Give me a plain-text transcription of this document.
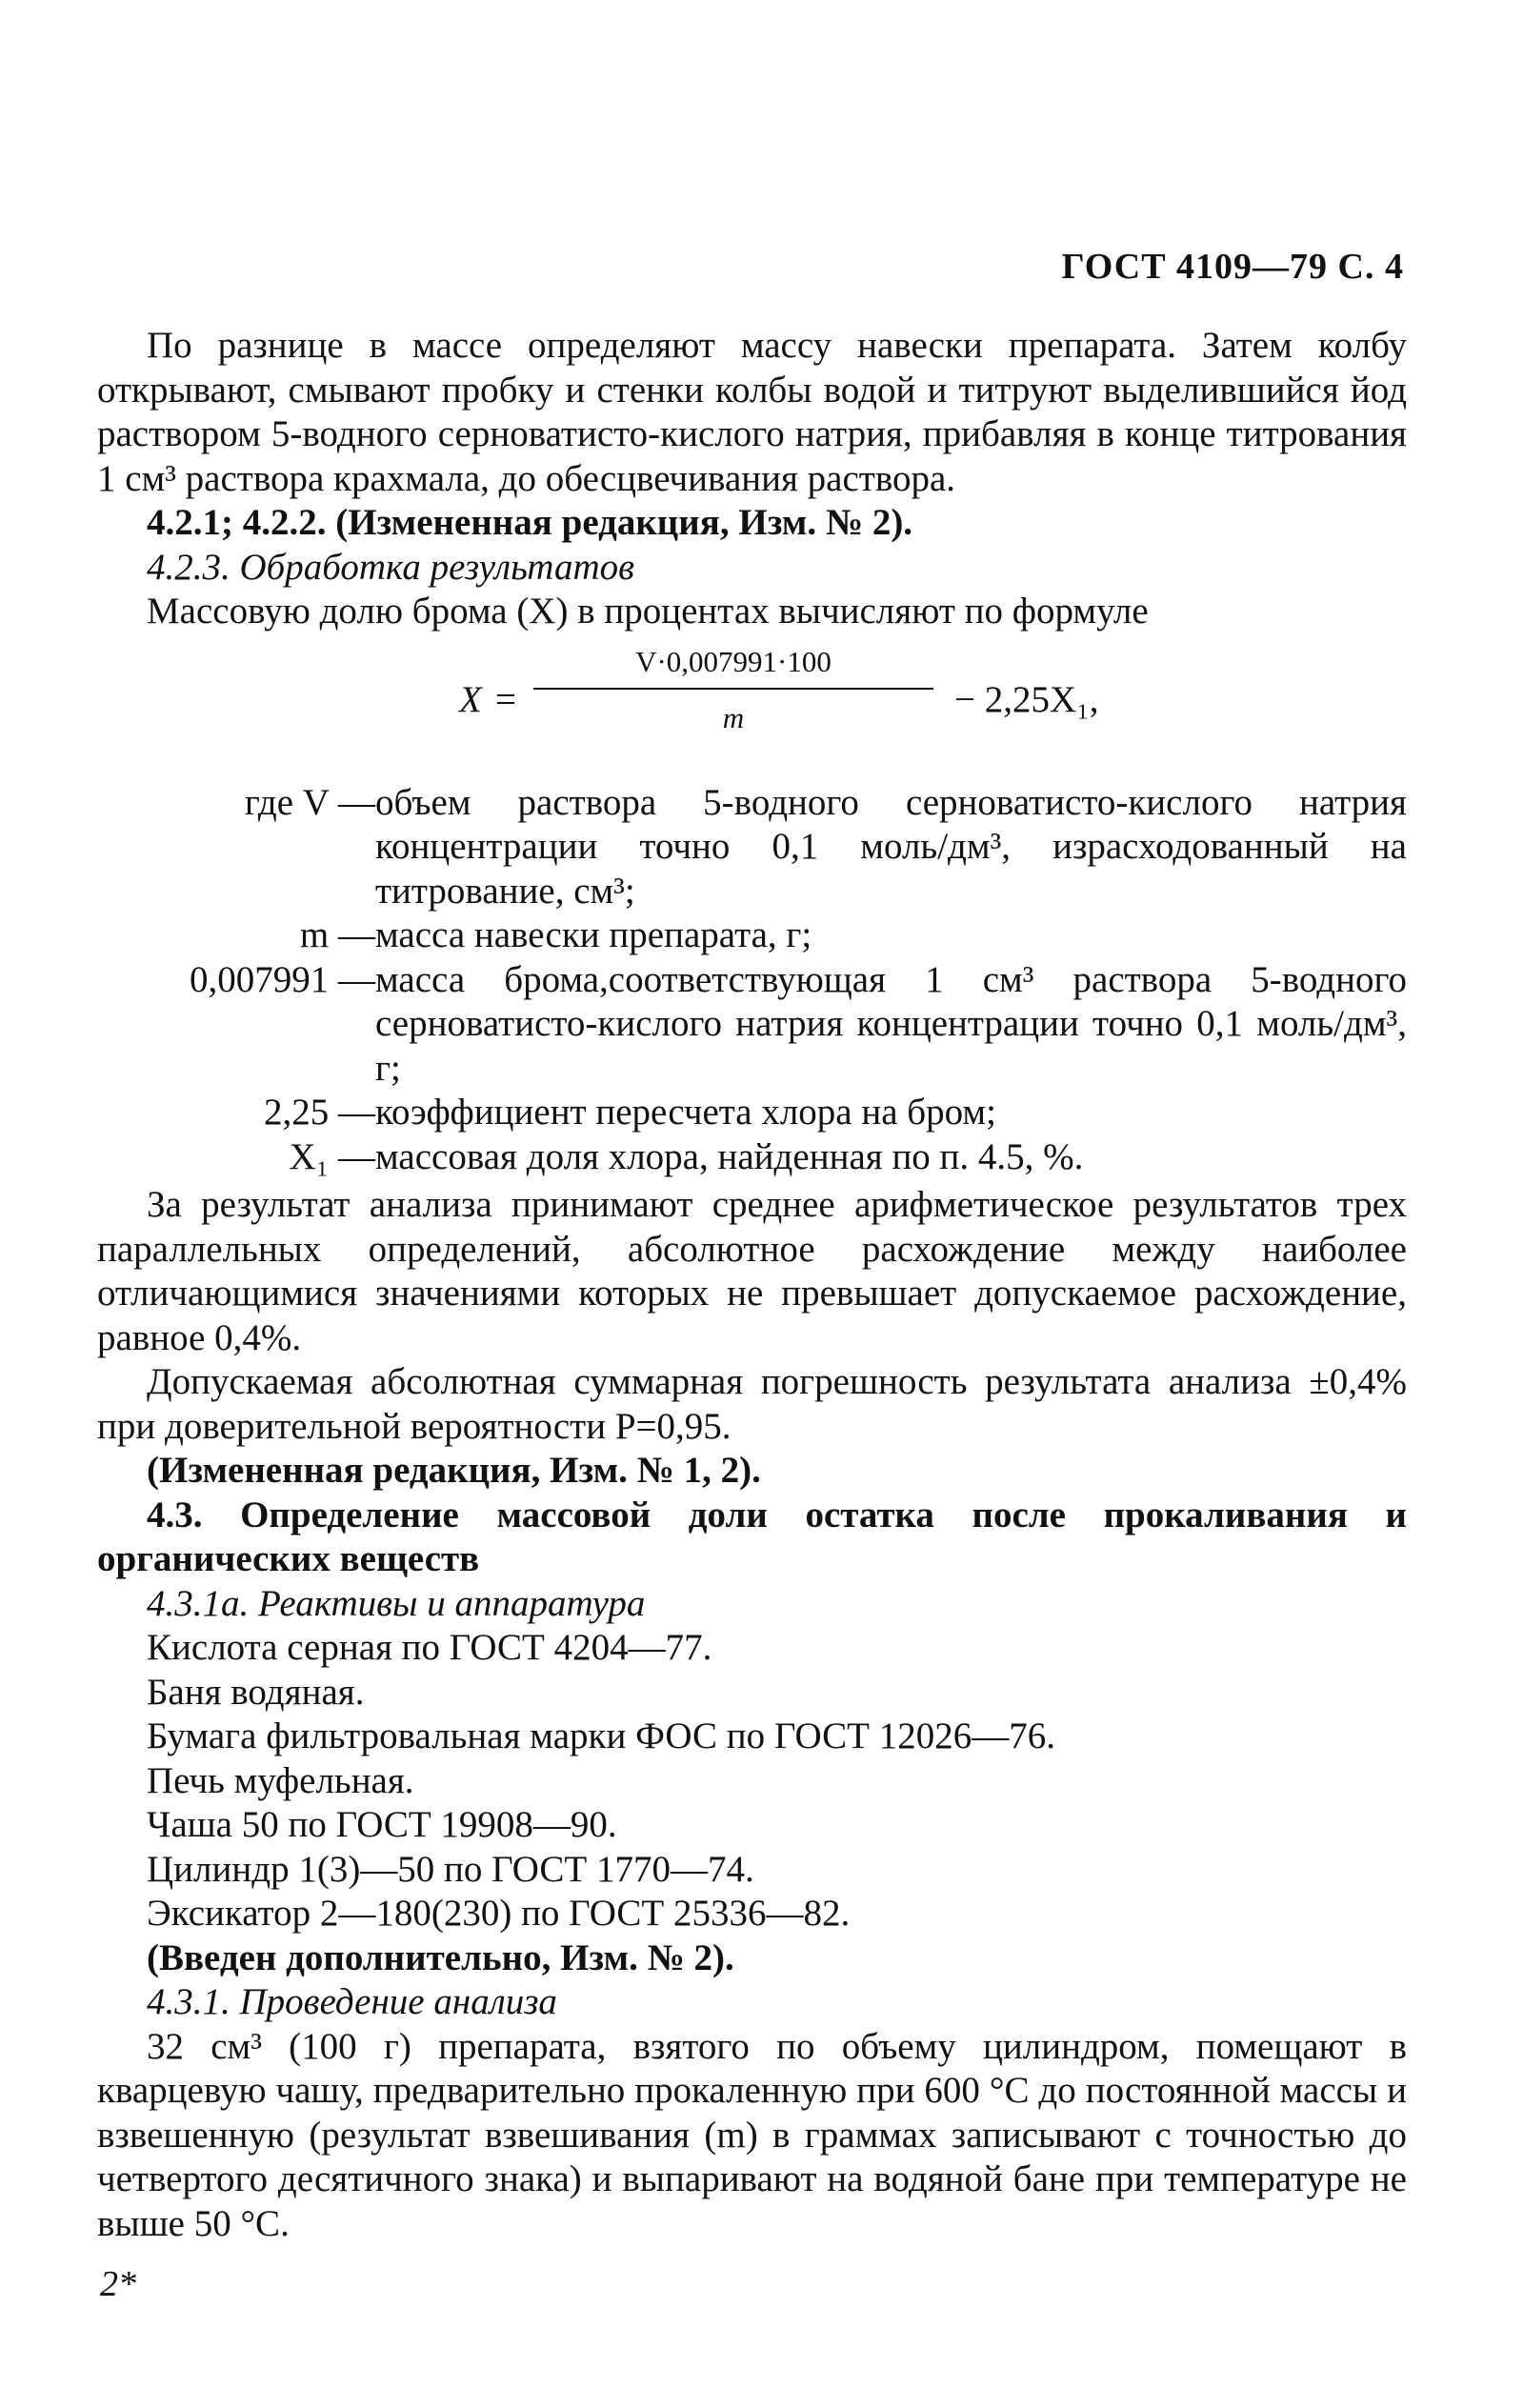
ГОСТ 4109—79 С. 4

По разнице в массе определяют массу навески препарата. Затем колбу открывают, смывают пробку и стенки колбы водой и титруют выделившийся йод раствором 5-водного серноватисто-кислого натрия, прибавляя в конце титрования 1 см³ раствора крахмала, до обесцвечивания раствора.

4.2.1; 4.2.2. (Измененная редакция, Изм. № 2).

4.2.3. Обработка результатов

Массовую долю брома (X) в процентах вычисляют по формуле

X =
V·0,007991·100
m	− 2,25X₁,
где V — объем раствора 5-водного серноватисто-кислого натрия концентрации точно 0,1 моль/дм³, израсходованный на титрование, см³;
m — масса навески препарата, г;
0,007991 — масса брома,соответствующая 1 см³ раствора 5-водного серноватисто-кислого натрия концентрации точно 0,1 моль/дм³, г;
2,25 — коэффициент пересчета хлора на бром;
X₁ — массовая доля хлора, найденная по п. 4.5, %.

За результат анализа принимают среднее арифметическое результатов трех параллельных определений, абсолютное расхождение между наиболее отличающимися значениями которых не превышает допускаемое расхождение, равное 0,4%.

Допускаемая абсолютная суммарная погрешность результата анализа ±0,4% при доверительной вероятности P=0,95.

(Измененная редакция, Изм. № 1, 2).

4.3. Определение массовой доли остатка после прокаливания и органических веществ

4.3.1а. Реактивы и аппаратура

Кислота серная по ГОСТ 4204—77.

Баня водяная.

Бумага фильтровальная марки ФОС по ГОСТ 12026—76.

Печь муфельная.

Чаша 50 по ГОСТ 19908—90.

Цилиндр 1(3)—50 по ГОСТ 1770—74.

Эксикатор 2—180(230) по ГОСТ 25336—82.

(Введен дополнительно, Изм. № 2).

4.3.1. Проведение анализа

32 см³ (100 г) препарата, взятого по объему цилиндром, помещают в кварцевую чашу, предварительно прокаленную при 600 °С до постоянной массы и взвешенную (результат взвешивания (m) в граммах записывают с точностью до четвертого десятичного знака) и выпаривают на водяной бане при температуре не выше 50 °С.

2*
